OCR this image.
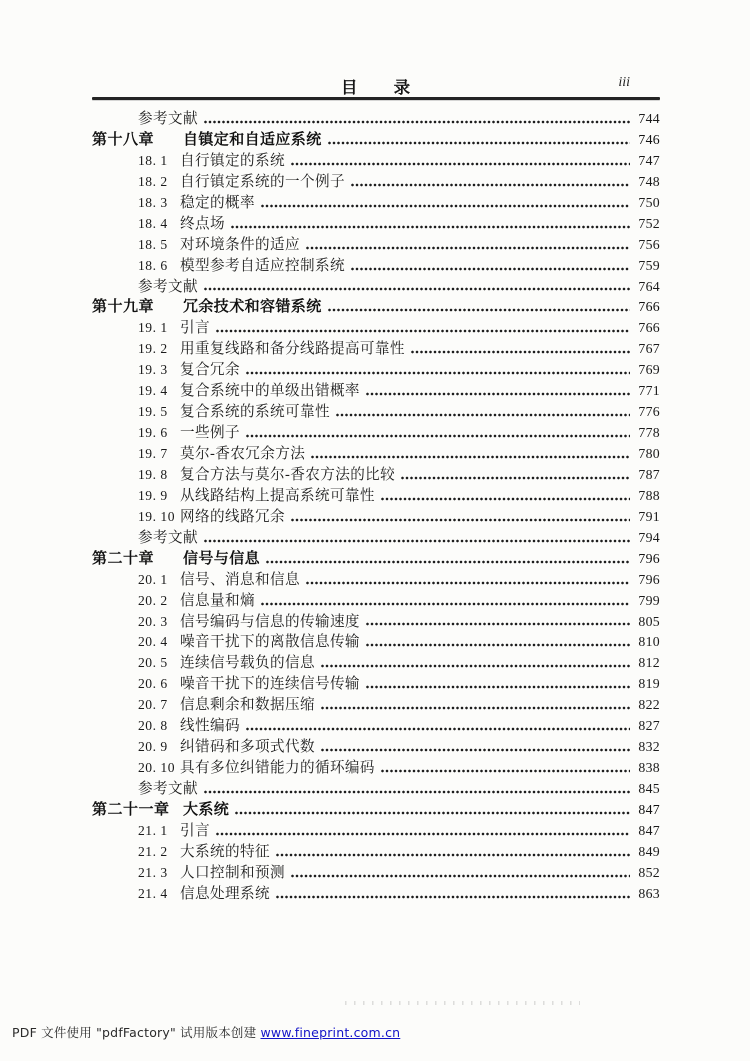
目 录	iii
参考文献	744
第十八章	自镇定和自适应系统	746
18. 1 自行镇定的系统	747
18. 2 自行镇定系统的一个例子	748
18. 3 稳定的概率	750
18. 4 终点场	752
18. 5 对环境条件的适应	756
18. 6 模型参考自适应控制系统	759
参考文献	764
第十九章	冗余技术和容错系统	766
19. 1 引言	766
19. 2 用重复线路和备分线路提高可靠性	767
19. 3 复合冗余	769
19. 4 复合系统中的单级出错概率	771
19. 5 复合系统的系统可靠性	776
19. 6 一些例子	778
19. 7 莫尔-香农冗余方法	780
19. 8 复合方法与莫尔-香农方法的比较	787
19. 9 从线路结构上提高系统可靠性	788
19. 10 网络的线路冗余	791
参考文献	794
第二十章	信号与信息	796
20. 1 信号、消息和信息	796
20. 2 信息量和熵	799
20. 3 信号编码与信息的传输速度	805
20. 4 噪音干扰下的离散信息传输	810
20. 5 连续信号载负的信息	812
20. 6 噪音干扰下的连续信号传输	819
20. 7 信息剩余和数据压缩	822
20. 8 线性编码	827
20. 9 纠错码和多项式代数	832
20. 10 具有多位纠错能力的循环编码	838
参考文献	845
第二十一章 大系统	847
21. 1 引言	847
21. 2 大系统的特征	849
21. 3 人口控制和预测	852
21. 4 信息处理系统	863
PDF 文件使用 "pdfFactory" 试用版本创建 www.fineprint.com.cn
